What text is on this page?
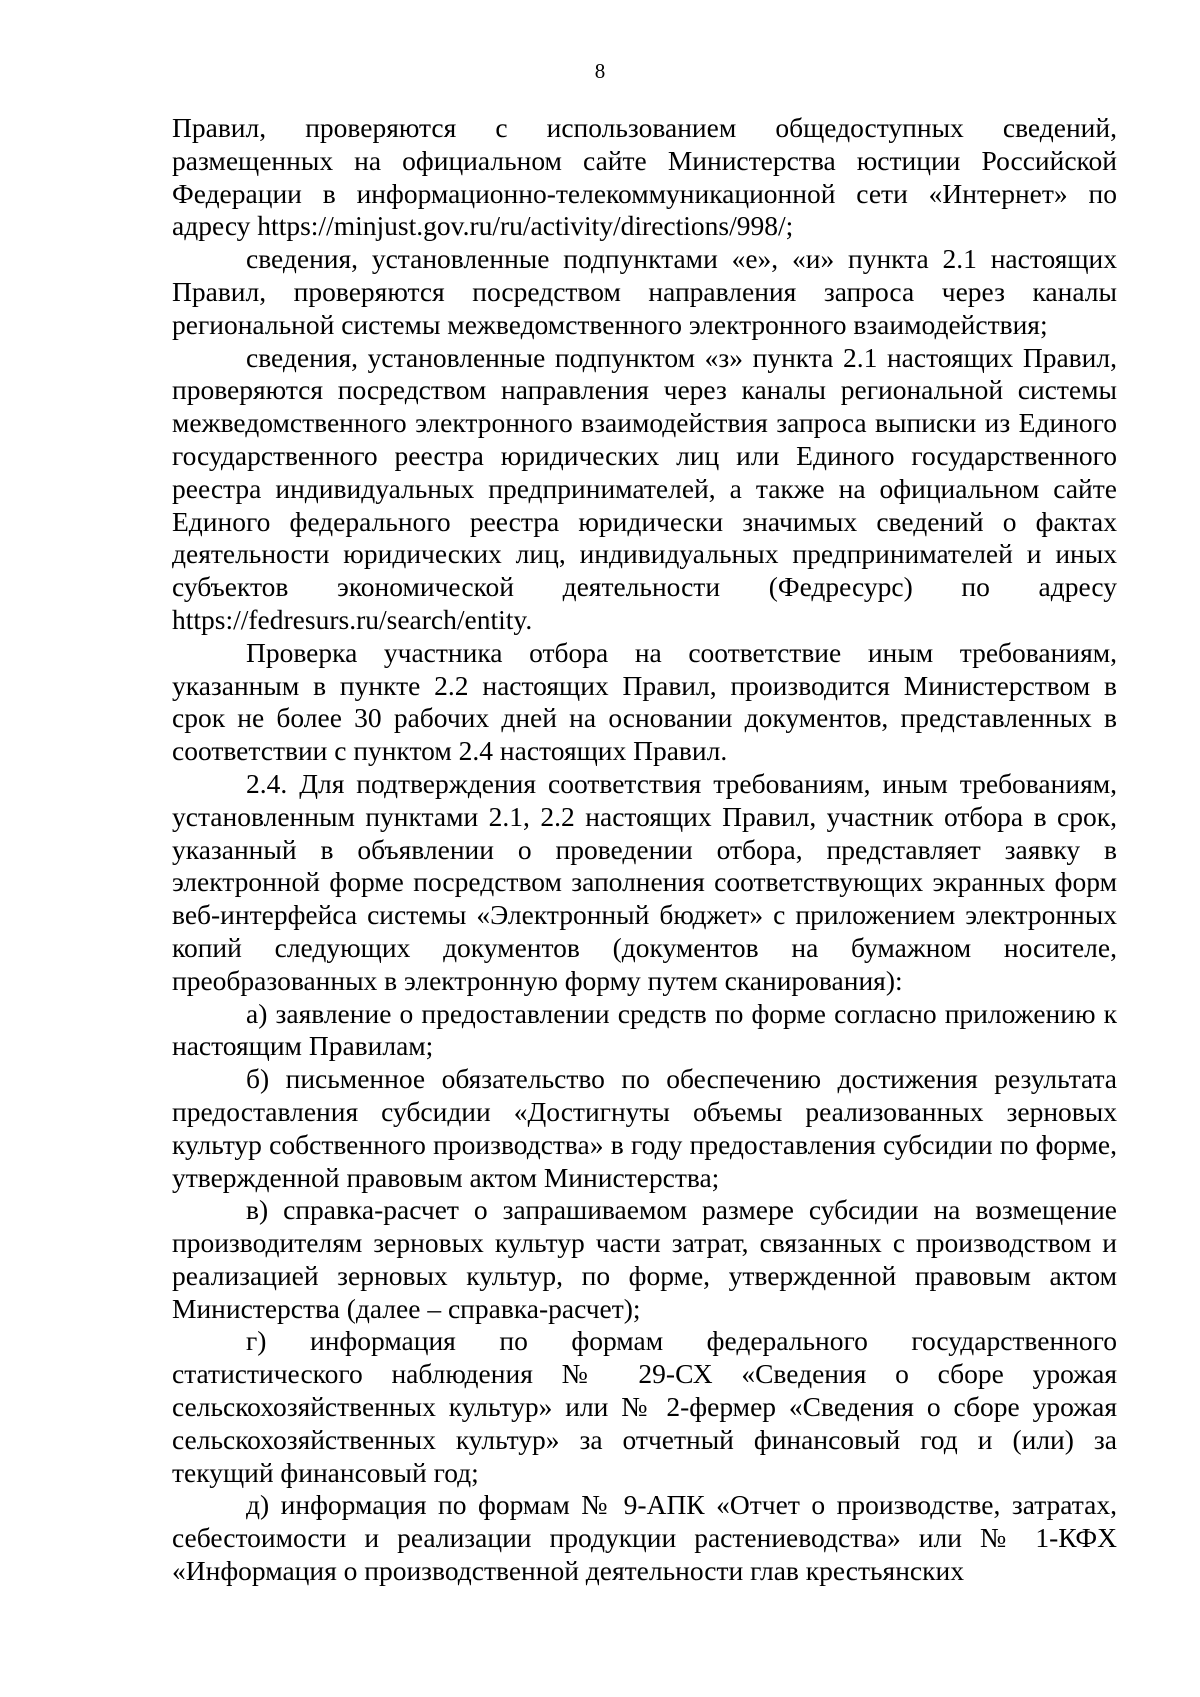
8

Правил, проверяются с использованием общедоступных сведений, размещенных на официальном сайте Министерства юстиции Российской Федерации в информационно-телекоммуникационной сети «Интернет» по адресу https://minjust.gov.ru/ru/activity/directions/998/;

сведения, установленные подпунктами «е», «и» пункта 2.1 настоящих Правил, проверяются посредством направления запроса через каналы региональной системы межведомственного электронного взаимодействия;

сведения, установленные подпунктом «з» пункта 2.1 настоящих Правил, проверяются посредством направления через каналы региональной системы межведомственного электронного взаимодействия запроса выписки из Единого государственного реестра юридических лиц или Единого государственного реестра индивидуальных предпринимателей, а также на официальном сайте Единого федерального реестра юридически значимых сведений о фактах деятельности юридических лиц, индивидуальных предпринимателей и иных субъектов экономической деятельности (Федресурс) по адресу https://fedresurs.ru/search/entity.

Проверка участника отбора на соответствие иным требованиям, указанным в пункте 2.2 настоящих Правил, производится Министерством в срок не более 30 рабочих дней на основании документов, представленных в соответствии с пунктом 2.4 настоящих Правил.

2.4. Для подтверждения соответствия требованиям, иным требованиям, установленным пунктами 2.1, 2.2 настоящих Правил, участник отбора в срок, указанный в объявлении о проведении отбора, представляет заявку в электронной форме посредством заполнения соответствующих экранных форм веб-интерфейса системы «Электронный бюджет» с приложением электронных копий следующих документов (документов на бумажном носителе, преобразованных в электронную форму путем сканирования):

а) заявление о предоставлении средств по форме согласно приложению к настоящим Правилам;

б) письменное обязательство по обеспечению достижения результата предоставления субсидии «Достигнуты объемы реализованных зерновых культур собственного производства» в году предоставления субсидии по форме, утвержденной правовым актом Министерства;

в) справка-расчет о запрашиваемом размере субсидии на возмещение производителям зерновых культур части затрат, связанных с производством и реализацией зерновых культур, по форме, утвержденной правовым актом Министерства (далее – справка-расчет);

г) информация по формам федерального государственного статистического наблюдения № 29-СХ «Сведения о сборе урожая сельскохозяйственных культур» или № 2-фермер «Сведения о сборе урожая сельскохозяйственных культур» за отчетный финансовый год и (или) за текущий финансовый год;

д) информация по формам № 9-АПК «Отчет о производстве, затратах, себестоимости и реализации продукции растениеводства» или № 1-КФХ «Информация о производственной деятельности глав крестьянских
